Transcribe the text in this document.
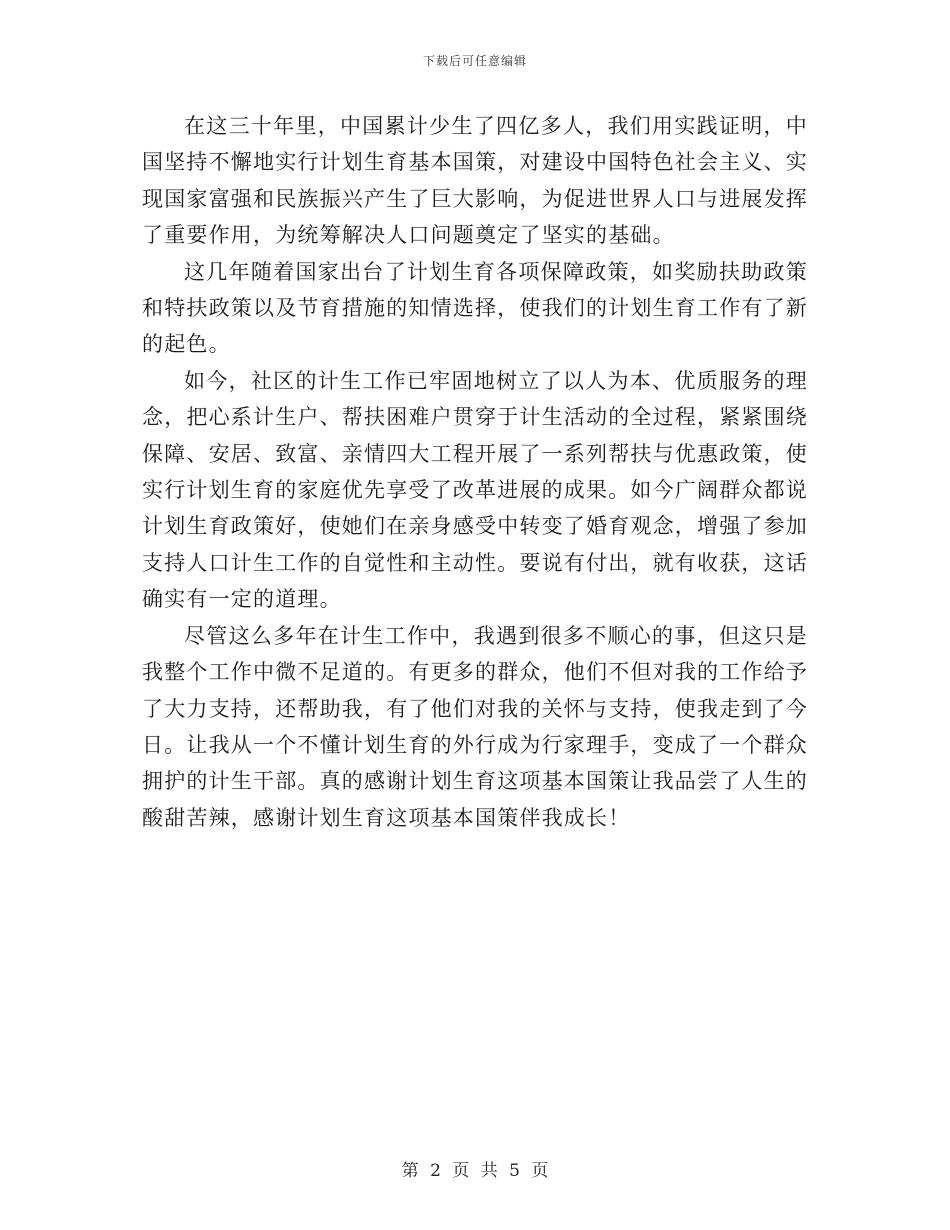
下载后可任意编辑

在这三十年里，中国累计少生了四亿多人，我们用实践证明，中国坚持不懈地实行计划生育基本国策，对建设中国特色社会主义、实现国家富强和民族振兴产生了巨大影响，为促进世界人口与进展发挥了重要作用，为统筹解决人口问题奠定了坚实的基础。

这几年随着国家出台了计划生育各项保障政策，如奖励扶助政策和特扶政策以及节育措施的知情选择，使我们的计划生育工作有了新的起色。

如今，社区的计生工作已牢固地树立了以人为本、优质服务的理念，把心系计生户、帮扶困难户贯穿于计生活动的全过程，紧紧围绕保障、安居、致富、亲情四大工程开展了一系列帮扶与优惠政策，使实行计划生育的家庭优先享受了改革进展的成果。如今广阔群众都说计划生育政策好，使她们在亲身感受中转变了婚育观念，增强了参加支持人口计生工作的自觉性和主动性。要说有付出，就有收获，这话确实有一定的道理。

尽管这么多年在计生工作中，我遇到很多不顺心的事，但这只是我整个工作中微不足道的。有更多的群众，他们不但对我的工作给予了大力支持，还帮助我，有了他们对我的关怀与支持，使我走到了今日。让我从一个不懂计划生育的外行成为行家理手，变成了一个群众拥护的计生干部。真的感谢计划生育这项基本国策让我品尝了人生的酸甜苦辣，感谢计划生育这项基本国策伴我成长！

第 2 页 共 5 页
